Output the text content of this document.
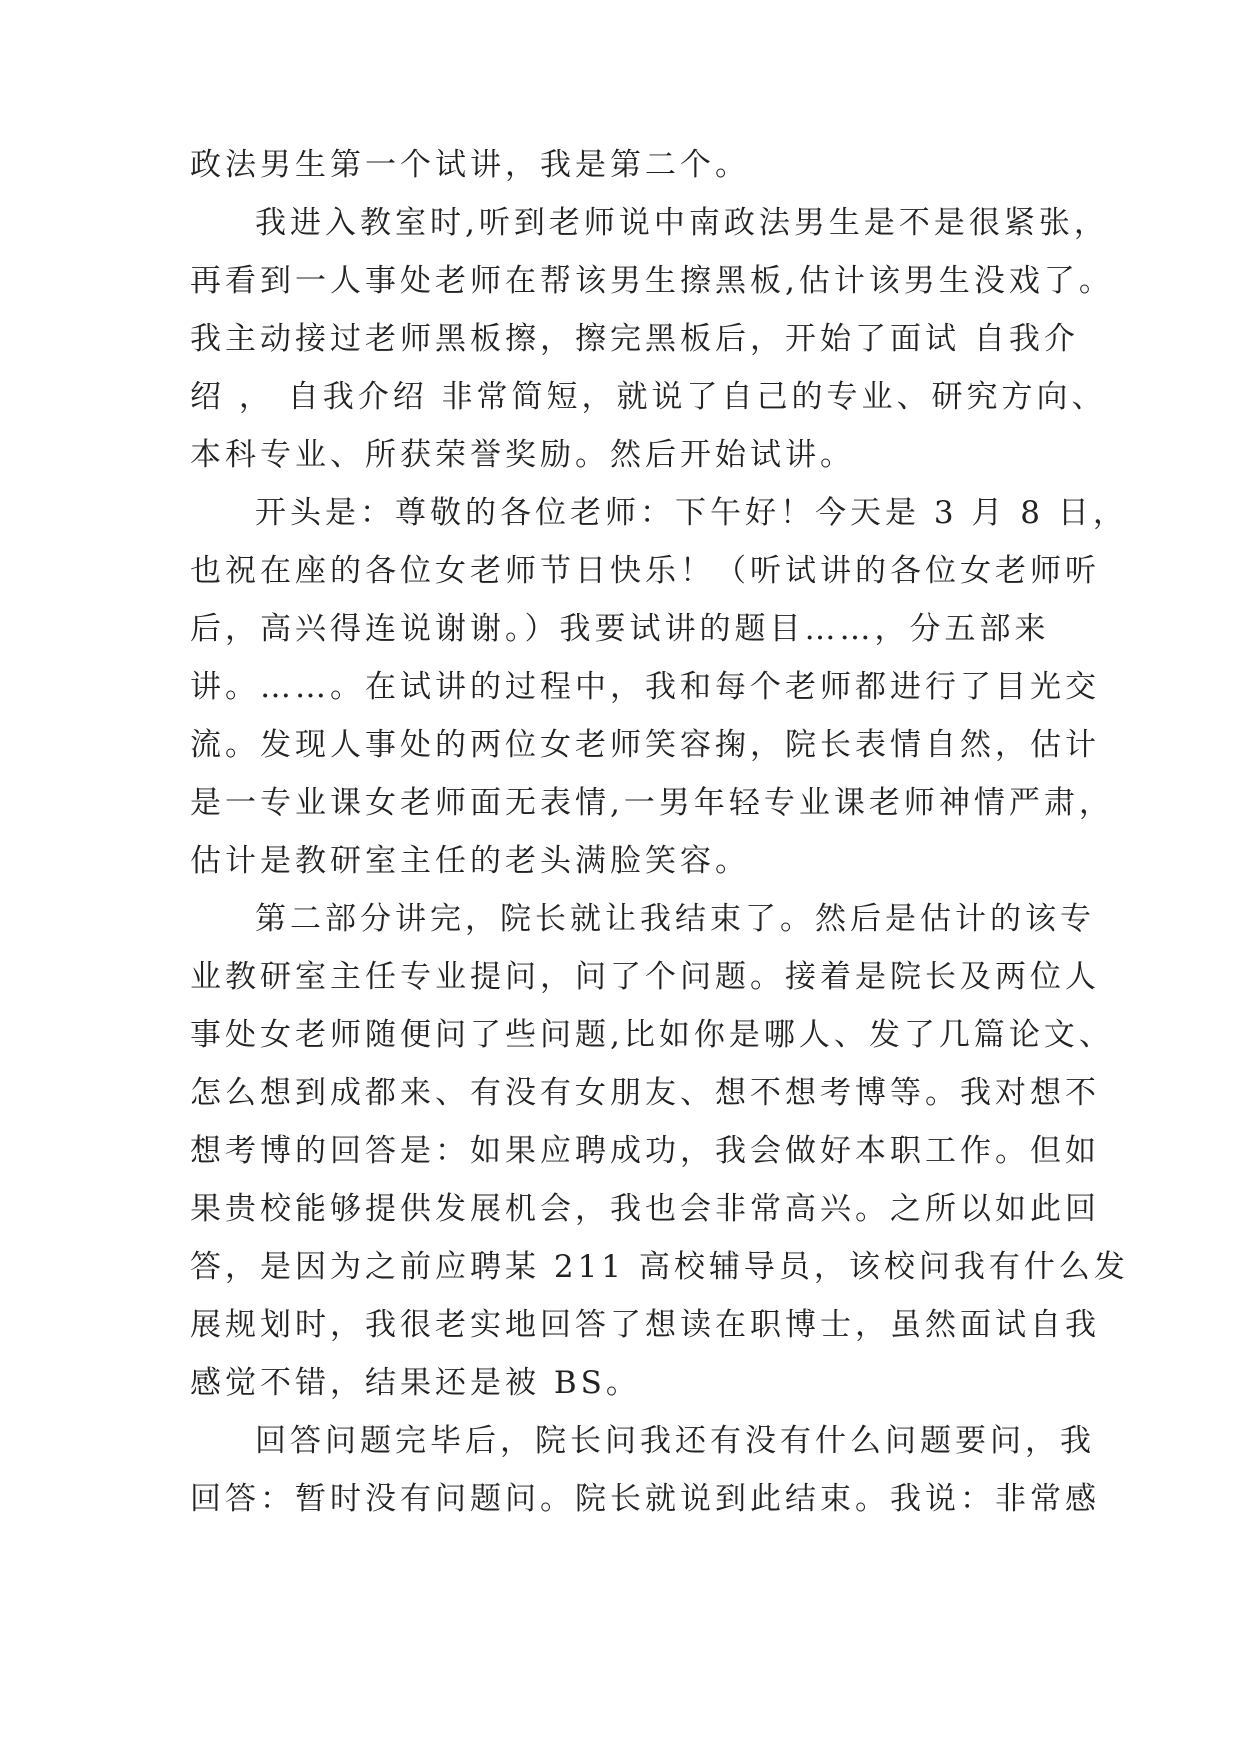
政法男生第一个试讲，我是第二个。

我进入教室时,听到老师说中南政法男生是不是很紧张，

再看到一人事处老师在帮该男生擦黑板,估计该男生没戏了。

我主动接过老师黑板擦，擦完黑板后，开始了面试 自我介

绍 ， 自我介绍 非常简短，就说了自己的专业、研究方向、

本科专业、所获荣誉奖励。然后开始试讲。

开头是：尊敬的各位老师：下午好！今天是 3 月 8 日，

也祝在座的各位女老师节日快乐！（听试讲的各位女老师听

后，高兴得连说谢谢。）我要试讲的题目……，分五部来

讲。……。在试讲的过程中，我和每个老师都进行了目光交

流。发现人事处的两位女老师笑容掬，院长表情自然，估计

是一专业课女老师面无表情,一男年轻专业课老师神情严肃，

估计是教研室主任的老头满脸笑容。

第二部分讲完，院长就让我结束了。然后是估计的该专

业教研室主任专业提问，问了个问题。接着是院长及两位人

事处女老师随便问了些问题,比如你是哪人、发了几篇论文、

怎么想到成都来、有没有女朋友、想不想考博等。我对想不

想考博的回答是：如果应聘成功，我会做好本职工作。但如

果贵校能够提供发展机会，我也会非常高兴。之所以如此回

答，是因为之前应聘某 211 高校辅导员，该校问我有什么发

展规划时，我很老实地回答了想读在职博士，虽然面试自我

感觉不错，结果还是被 BS。

回答问题完毕后，院长问我还有没有什么问题要问，我

回答：暂时没有问题问。院长就说到此结束。我说：非常感
